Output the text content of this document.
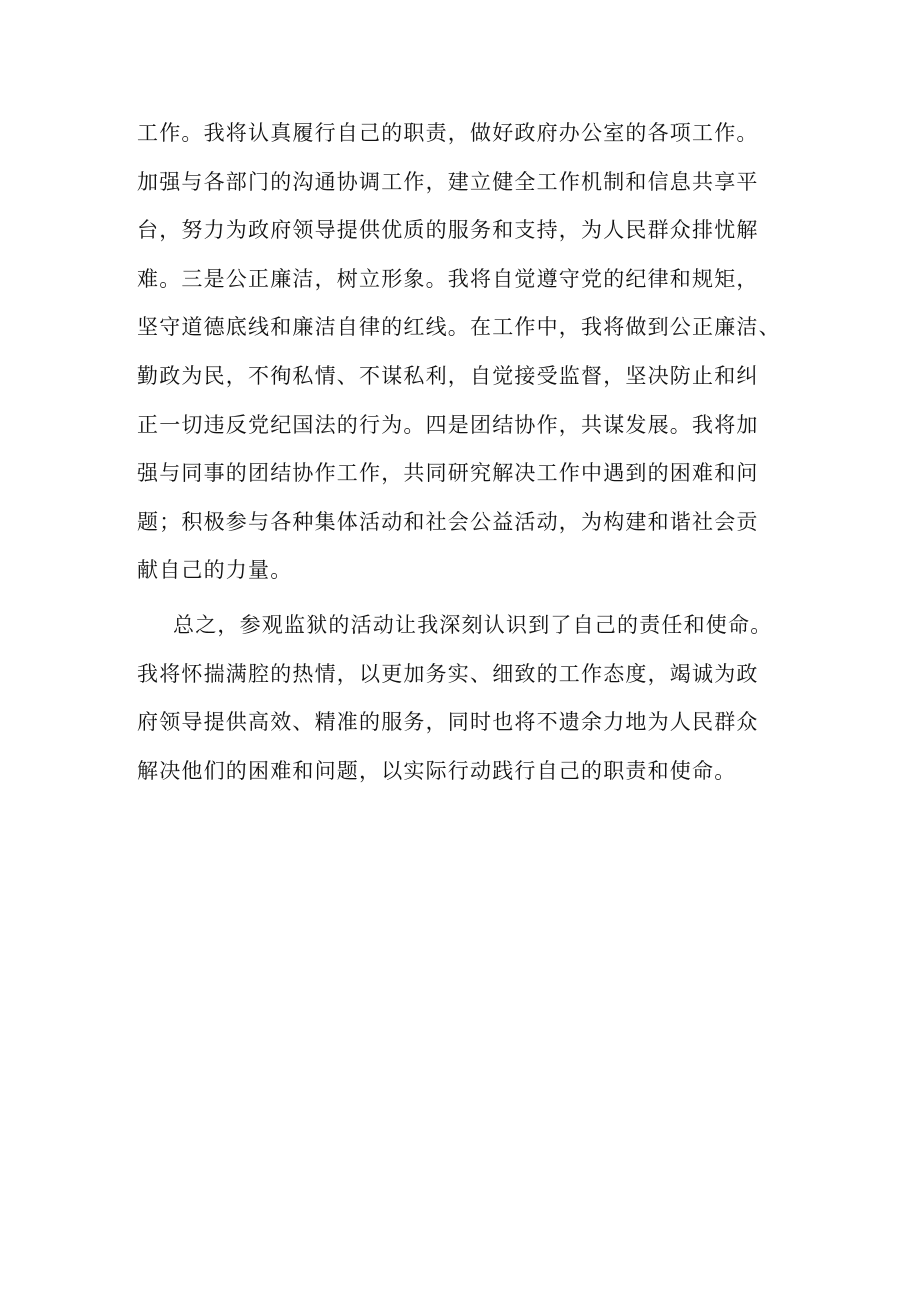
工作。我将认真履行自己的职责，做好政府办公室的各项工作。
加强与各部门的沟通协调工作，建立健全工作机制和信息共享平
台，努力为政府领导提供优质的服务和支持，为人民群众排忧解
难。三是公正廉洁，树立形象。我将自觉遵守党的纪律和规矩，
坚守道德底线和廉洁自律的红线。在工作中，我将做到公正廉洁、
勤政为民，不徇私情、不谋私利，自觉接受监督，坚决防止和纠
正一切违反党纪国法的行为。四是团结协作，共谋发展。我将加
强与同事的团结协作工作，共同研究解决工作中遇到的困难和问
题；积极参与各种集体活动和社会公益活动，为构建和谐社会贡
献自己的力量。
总之，参观监狱的活动让我深刻认识到了自己的责任和使命。
我将怀揣满腔的热情，以更加务实、细致的工作态度，竭诚为政
府领导提供高效、精准的服务，同时也将不遗余力地为人民群众
解决他们的困难和问题，以实际行动践行自己的职责和使命。
